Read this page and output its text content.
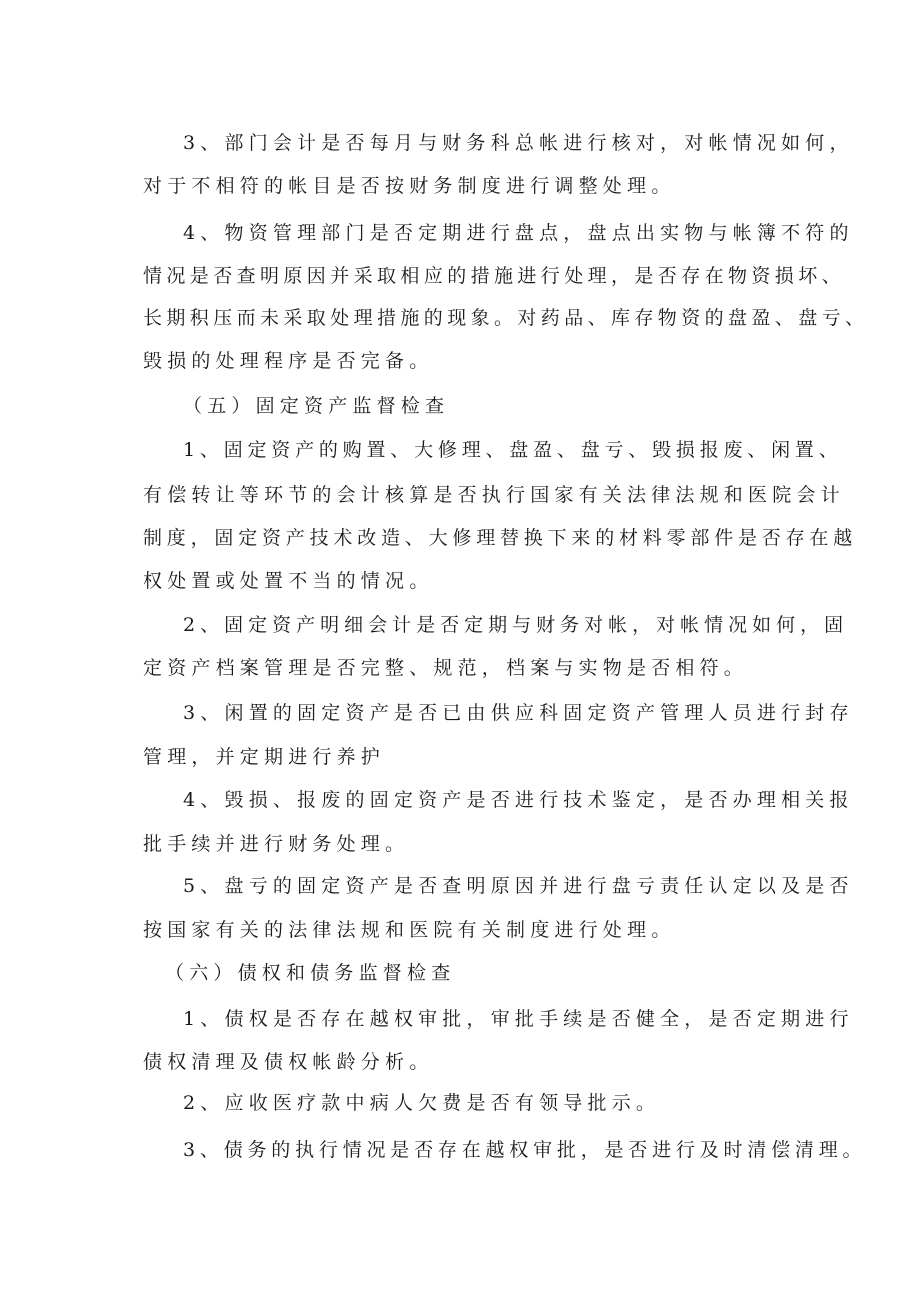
3、部门会计是否每月与财务科总帐进行核对，对帐情况如何，
对于不相符的帐目是否按财务制度进行调整处理。
4、物资管理部门是否定期进行盘点，盘点出实物与帐簿不符的
情况是否查明原因并采取相应的措施进行处理，是否存在物资损坏、
长期积压而未采取处理措施的现象。对药品、库存物资的盘盈、盘亏、
毁损的处理程序是否完备。
（五）固定资产监督检查
1、固定资产的购置、大修理、盘盈、盘亏、毁损报废、闲置、
有偿转让等环节的会计核算是否执行国家有关法律法规和医院会计
制度，固定资产技术改造、大修理替换下来的材料零部件是否存在越
权处置或处置不当的情况。
2、固定资产明细会计是否定期与财务对帐，对帐情况如何，固
定资产档案管理是否完整、规范，档案与实物是否相符。
3、闲置的固定资产是否已由供应科固定资产管理人员进行封存
管理，并定期进行养护
4、毁损、报废的固定资产是否进行技术鉴定，是否办理相关报
批手续并进行财务处理。
5、盘亏的固定资产是否查明原因并进行盘亏责任认定以及是否
按国家有关的法律法规和医院有关制度进行处理。
（六）债权和债务监督检查
1、债权是否存在越权审批，审批手续是否健全，是否定期进行
债权清理及债权帐龄分析。
2、应收医疗款中病人欠费是否有领导批示。
3、债务的执行情况是否存在越权审批，是否进行及时清偿清理。
